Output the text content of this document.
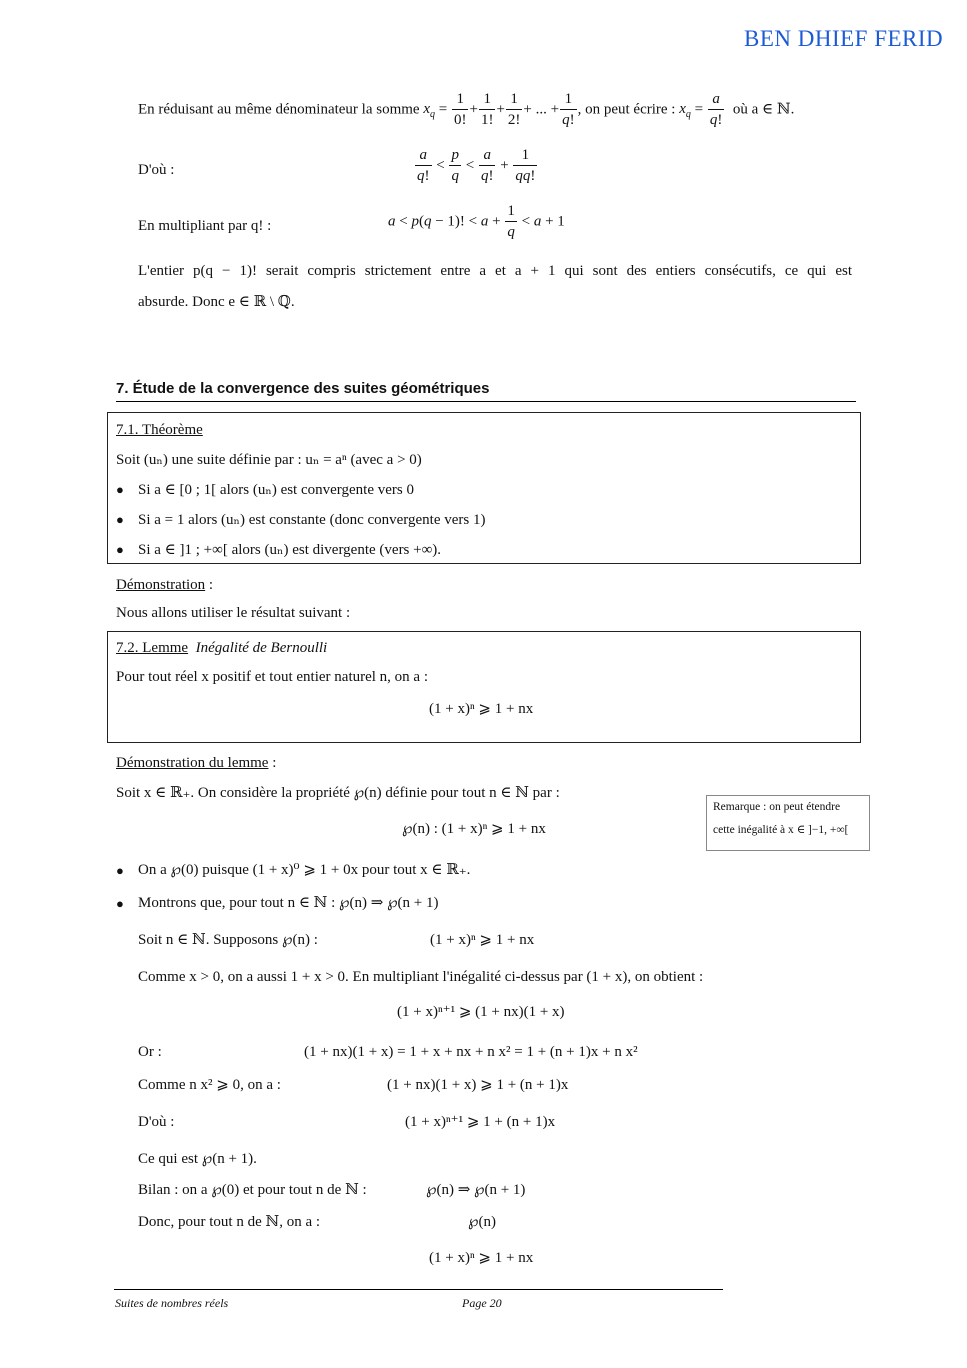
BEN DHIEF FERID
En réduisant au même dénominateur la somme $x_q = \frac{1}{0!} + \frac{1}{1!} + \frac{1}{2!}$ + ... + $\frac{1}{q!}$ , on peut écrire : $x_q = \frac{a}{q!}$ où a ∈ ℕ.
D'où :	$\frac{a}{q!} < \frac{p}{q} < \frac{a}{q!} + \frac{1}{qq!}$
En multipliant par q! :	a < p(q − 1)! < $a + \frac{1}{q} < a + 1$
L'entier p(q − 1)! serait compris strictement entre a et a + 1 qui sont des entiers consécutifs, ce qui est
absurde. Donc e ∈ ℝ \ ℚ.
7. Étude de la convergence des suites géométriques
7.1. Théorème
Soit (uₙ) une suite définie par : uₙ = aⁿ (avec a > 0)
● Si a ∈ [0 ; 1[ alors (uₙ) est convergente vers 0
● Si a = 1 alors (uₙ) est constante (donc convergente vers 1)
● Si a ∈ ]1 ; +∞[ alors (uₙ) est divergente (vers +∞).
Démonstration :
Nous allons utiliser le résultat suivant :
7.2. Lemme Inégalité de Bernoulli
Pour tout réel x positif et tout entier naturel n, on a :
(1 + x)ⁿ ⩾ 1 + nx
Démonstration du lemme :
Soit x ∈ ℝ₊. On considère la propriété ℘(n) définie pour tout n ∈ ℕ par :
Remarque : on peut étendre
cette inégalité à x ∈ ]−1, +∞[
℘(n) : (1 + x)ⁿ ⩾ 1 + nx
● On a ℘(0) puisque (1 + x)⁰ ⩾ 1 + 0x pour tout x ∈ ℝ₊.
● Montrons que, pour tout n ∈ ℕ : ℘(n) ⇒ ℘(n + 1)
Soit n ∈ ℕ. Supposons ℘(n) :	(1 + x)ⁿ ⩾ 1 + nx
Comme x > 0, on a aussi 1 + x > 0. En multipliant l'inégalité ci-dessus par (1 + x), on obtient :
(1 + x)ⁿ⁺¹ ⩾ (1 + nx)(1 + x)
Or :	(1 + nx)(1 + x) = 1 + x + nx + n x² = 1 + (n + 1)x + n x²
Comme n x² ⩾ 0, on a :	(1 + nx)(1 + x) ⩾ 1 + (n + 1)x
D'où :	(1 + x)ⁿ⁺¹ ⩾ 1 + (n + 1)x
Ce qui est ℘(n + 1).
Bilan : on a ℘(0) et pour tout n de ℕ :	℘(n) ⇒ ℘(n + 1)
Donc, pour tout n de ℕ, on a :	℘(n)
(1 + x)ⁿ ⩾ 1 + nx
Suites de nombres réels	Page 20
